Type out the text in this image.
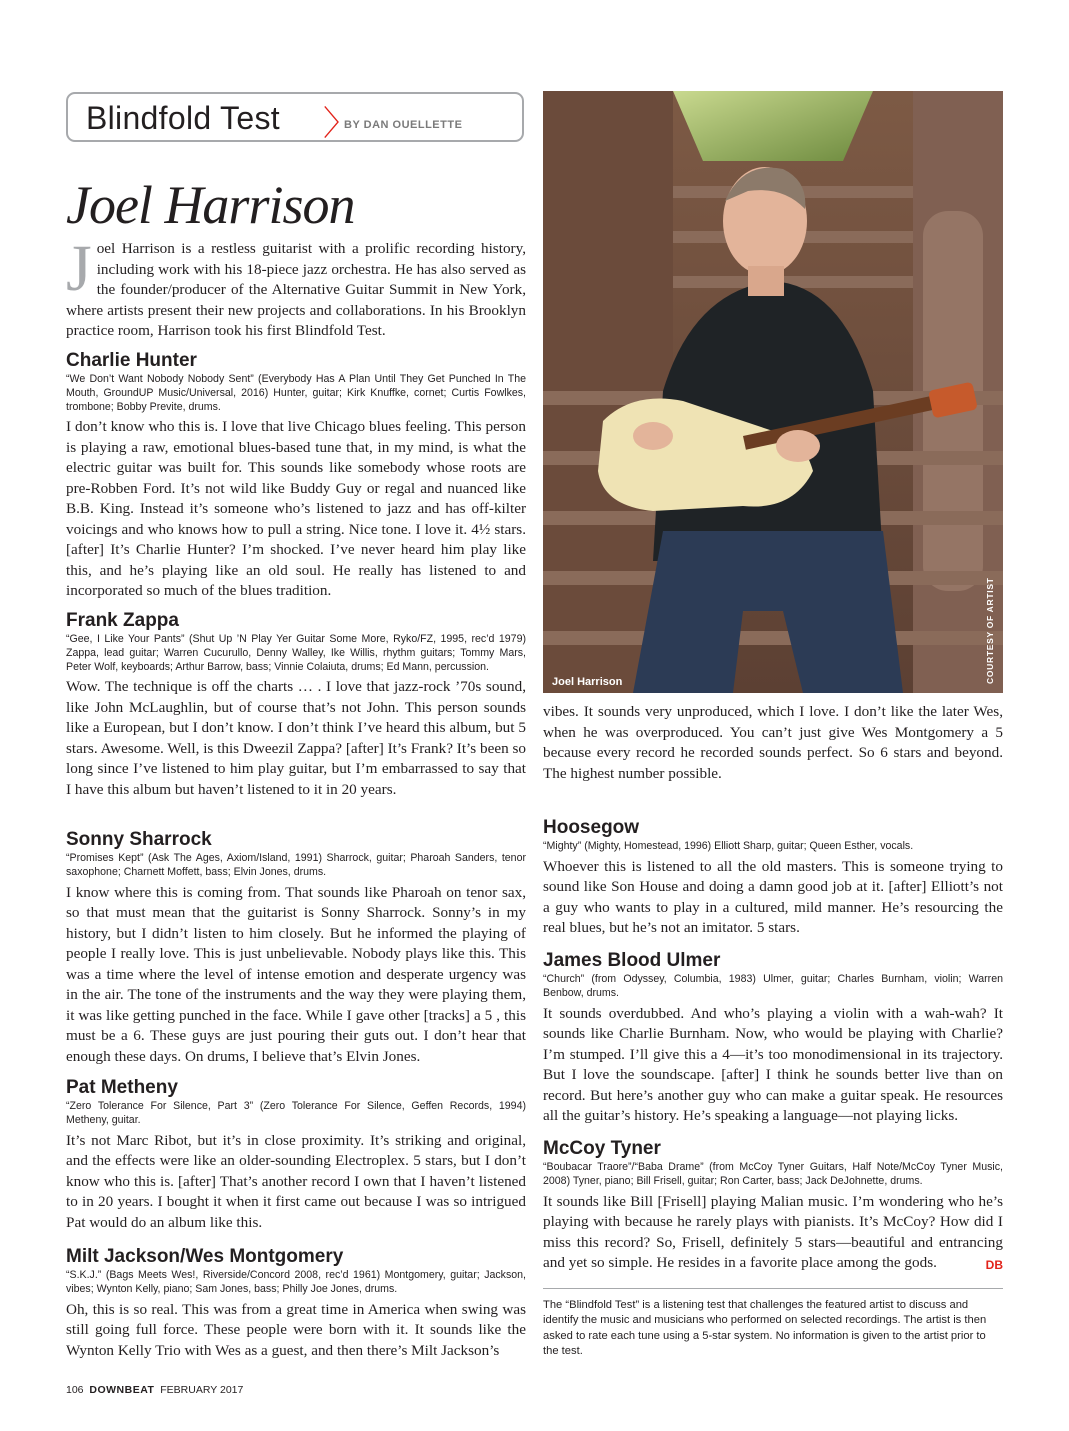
Blindfold Test 〉
BY DAN OUELLETTE
Joel Harrison
Joel Harrison is a restless guitarist with a prolific recording history, including work with his 18-piece jazz orchestra. He has also served as the founder/producer of the Alternative Guitar Summit in New York, where artists present their new projects and collaborations. In his Brooklyn practice room, Harrison took his first Blindfold Test.
Charlie Hunter
“We Don’t Want Nobody Nobody Sent” (Everybody Has A Plan Until They Get Punched In The Mouth, GroundUP Music/Universal, 2016) Hunter, guitar; Kirk Knuffke, cornet; Curtis Fowlkes, trombone; Bobby Previte, drums.
I don’t know who this is. I love that live Chicago blues feeling. This person is playing a raw, emotional blues-based tune that, in my mind, is what the electric guitar was built for. This sounds like somebody whose roots are pre-Robben Ford. It’s not wild like Buddy Guy or regal and nuanced like B.B. King. Instead it’s someone who’s listened to jazz and has off-kilter voicings and who knows how to pull a string. Nice tone. I love it. 4½ stars. [after] It’s Charlie Hunter? I’m shocked. I’ve never heard him play like this, and he’s playing like an old soul. He really has listened to and incorporated so much of the blues tradition.
Frank Zappa
“Gee, I Like Your Pants” (Shut Up ’N Play Yer Guitar Some More, Ryko/FZ, 1995, rec’d 1979) Zappa, lead guitar; Warren Cucurullo, Denny Walley, Ike Willis, rhythm guitars; Tommy Mars, Peter Wolf, keyboards; Arthur Barrow, bass; Vinnie Colaiuta, drums; Ed Mann, percussion.
Wow. The technique is off the charts … . I love that jazz-rock ’70s sound, like John McLaughlin, but of course that’s not John. This person sounds like a European, but I don’t know. I don’t think I’ve heard this album, but 5 stars. Awesome. Well, is this Dweezil Zappa? [after] It’s Frank? It’s been so long since I’ve listened to him play guitar, but I’m embarrassed to say that I have this album but haven’t listened to it in 20 years.
Sonny Sharrock
“Promises Kept” (Ask The Ages, Axiom/Island, 1991) Sharrock, guitar; Pharoah Sanders, tenor saxophone; Charnett Moffett, bass; Elvin Jones, drums.
I know where this is coming from. That sounds like Pharoah on tenor sax, so that must mean that the guitarist is Sonny Sharrock. Sonny’s in my history, but I didn’t listen to him closely. But he informed the playing of people I really love. This is just unbelievable. Nobody plays like this. This was a time where the level of intense emotion and desperate urgency was in the air. The tone of the instruments and the way they were playing them, it was like getting punched in the face. While I gave other [tracks] a 5 , this must be a 6. These guys are just pouring their guts out. I don’t hear that enough these days. On drums, I believe that’s Elvin Jones.
Pat Metheny
“Zero Tolerance For Silence, Part 3” (Zero Tolerance For Silence, Geffen Records, 1994) Metheny, guitar.
It’s not Marc Ribot, but it’s in close proximity. It’s striking and original, and the effects were like an older-sounding Electroplex. 5 stars, but I don’t know who this is. [after] That’s another record I own that I haven’t listened to in 20 years. I bought it when it first came out because I was so intrigued Pat would do an album like this.
Milt Jackson/Wes Montgomery
“S.K.J.” (Bags Meets Wes!, Riverside/Concord 2008, rec’d 1961) Montgomery, guitar; Jackson, vibes; Wynton Kelly, piano; Sam Jones, bass; Philly Joe Jones, drums.
Oh, this is so real. This was from a great time in America when swing was still going full force. These people were born with it. It sounds like the Wynton Kelly Trio with Wes as a guest, and then there’s Milt Jackson’s
Joel Harrison	COURTESY OF ARTIST
vibes. It sounds very unproduced, which I love. I don’t like the later Wes, when he was overproduced. You can’t just give Wes Montgomery a 5 because every record he recorded sounds perfect. So 6 stars and beyond. The highest number possible.
Hoosegow
“Mighty” (Mighty, Homestead, 1996) Elliott Sharp, guitar; Queen Esther, vocals.
Whoever this is listened to all the old masters. This is someone trying to sound like Son House and doing a damn good job at it. [after] Elliott’s not a guy who wants to play in a cultured, mild manner. He’s resourcing the real blues, but he’s not an imitator. 5 stars.
James Blood Ulmer
“Church” (from Odyssey, Columbia, 1983) Ulmer, guitar; Charles Burnham, violin; Warren Benbow, drums.
It sounds overdubbed. And who’s playing a violin with a wah-wah? It sounds like Charlie Burnham. Now, who would be playing with Charlie? I’m stumped. I’ll give this a 4—it’s too monodimensional in its trajectory. But I love the soundscape. [after] I think he sounds better live than on record. But here’s another guy who can make a guitar speak. He resources all the guitar’s history. He’s speaking a language—not playing licks.
McCoy Tyner
“Boubacar Traore”/“Baba Drame” (from McCoy Tyner Guitars, Half Note/McCoy Tyner Music, 2008) Tyner, piano; Bill Frisell, guitar; Ron Carter, bass; Jack DeJohnette, drums.
It sounds like Bill [Frisell] playing Malian music. I’m wondering who he’s playing with because he rarely plays with pianists. It’s McCoy? How did I miss this record? So, Frisell, definitely 5 stars—beautiful and entrancing and yet so simple. He resides in a favorite place among the gods.	DB
The “Blindfold Test” is a listening test that challenges the featured artist to discuss and identify the music and musicians who performed on selected recordings. The artist is then asked to rate each tune using a 5-star system. No information is given to the artist prior to the test.
106 DOWNBEAT FEBRUARY 2017
